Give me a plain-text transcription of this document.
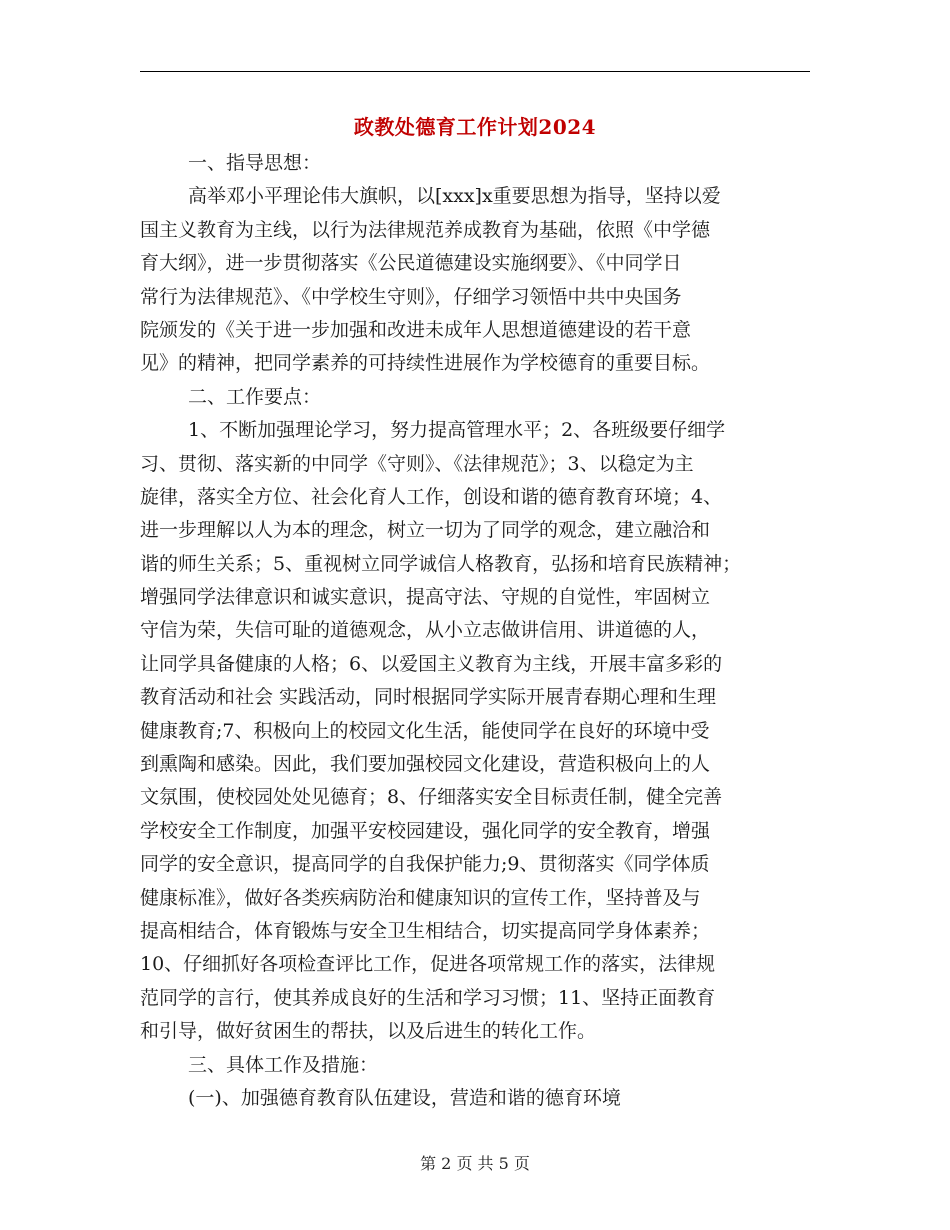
政教处德育工作计划2024
一、指导思想：
高举邓小平理论伟大旗帜，以[xxx]x重要思想为指导，坚持以爱
国主义教育为主线，以行为法律规范养成教育为基础，依照《中学德
育大纲》，进一步贯彻落实《公民道德建设实施纲要》、《中同学日
常行为法律规范》、《中学校生守则》，仔细学习领悟中共中央国务
院颁发的《关于进一步加强和改进未成年人思想道德建设的若干意
见》的精神，把同学素养的可持续性进展作为学校德育的重要目标。
二、工作要点：
1、不断加强理论学习，努力提高管理水平；2、各班级要仔细学
习、贯彻、落实新的中同学《守则》、《法律规范》；3、以稳定为主
旋律，落实全方位、社会化育人工作，创设和谐的德育教育环境；4、
进一步理解以人为本的理念，树立一切为了同学的观念，建立融洽和
谐的师生关系；5、重视树立同学诚信人格教育，弘扬和培育民族精神；
增强同学法律意识和诚实意识，提高守法、守规的自觉性，牢固树立
守信为荣，失信可耻的道德观念，从小立志做讲信用、讲道德的人，
让同学具备健康的人格；6、以爱国主义教育为主线，开展丰富多彩的
教育活动和社会 实践活动，同时根据同学实际开展青春期心理和生理
健康教育;7、积极向上的校园文化生活，能使同学在良好的环境中受
到熏陶和感染。因此，我们要加强校园文化建设，营造积极向上的人
文氛围，使校园处处见德育；8、仔细落实安全目标责任制，健全完善
学校安全工作制度，加强平安校园建设，强化同学的安全教育，增强
同学的安全意识，提高同学的自我保护能力;9、贯彻落实《同学体质
健康标准》，做好各类疾病防治和健康知识的宣传工作，坚持普及与
提高相结合，体育锻炼与安全卫生相结合，切实提高同学身体素养；
10、仔细抓好各项检查评比工作，促进各项常规工作的落实，法律规
范同学的言行，使其养成良好的生活和学习习惯；11、坚持正面教育
和引导，做好贫困生的帮扶，以及后进生的转化工作。
三、具体工作及措施：
(一)、加强德育教育队伍建设，营造和谐的德育环境
第 2 页 共 5 页
